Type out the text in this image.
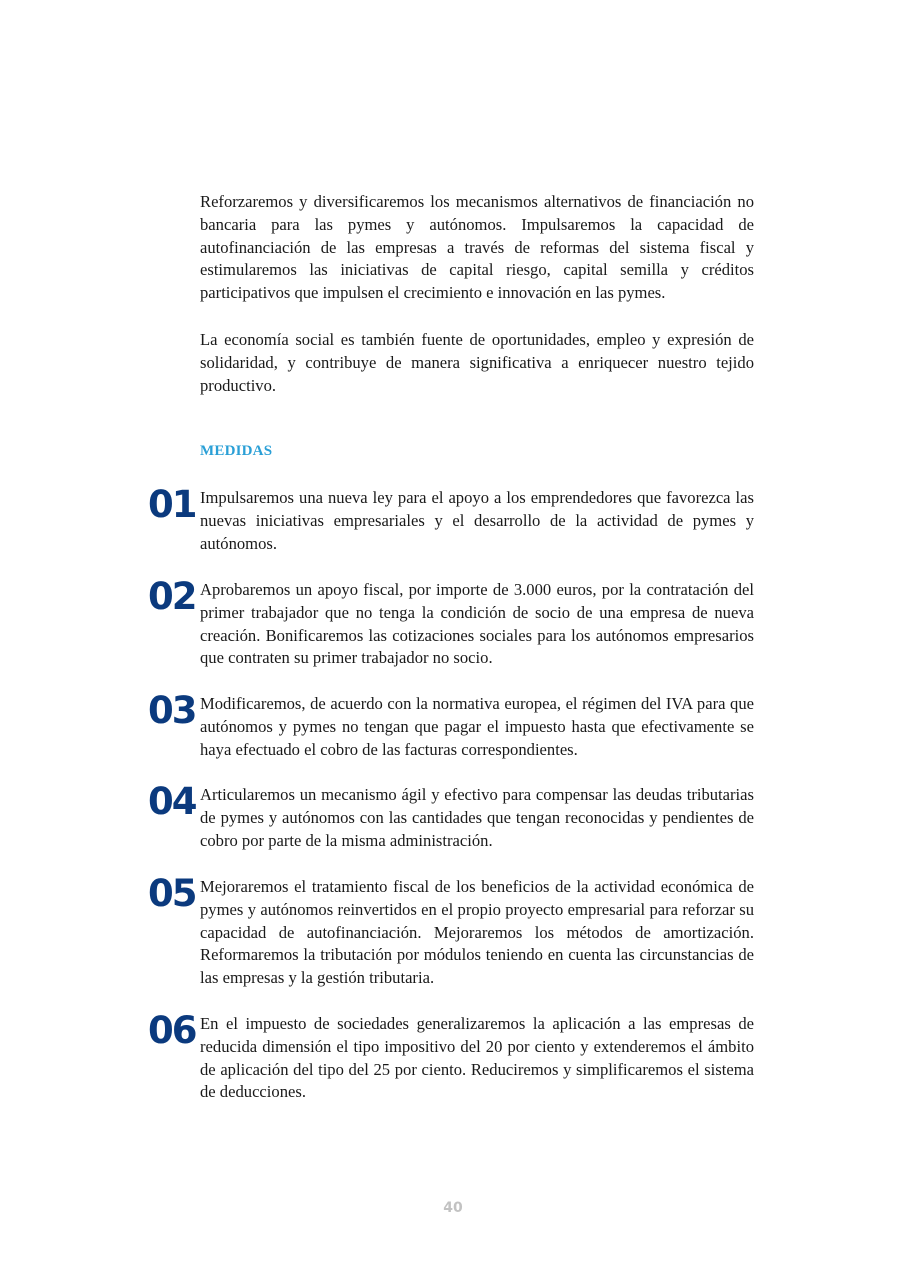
Reforzaremos y diversificaremos los mecanismos alternativos de financiación no bancaria para las pymes y autónomos. Impulsaremos la capacidad de autofinanciación de las empresas a través de reformas del sistema fiscal y estimularemos las iniciativas de capital riesgo, capital semilla y créditos participativos que impulsen el crecimiento e innovación en las pymes.

La economía social es también fuente de oportunidades, empleo y expresión de solidaridad, y contribuye de manera significativa a enriquecer nuestro tejido productivo.

MEDIDAS
01 Impulsaremos una nueva ley para el apoyo a los emprendedores que favorezca las nuevas iniciativas empresariales y el desarrollo de la actividad de pymes y autónomos.

02 Aprobaremos un apoyo fiscal, por importe de 3.000 euros, por la contratación del primer trabajador que no tenga la condición de socio de una empresa de nueva creación. Bonificaremos las cotizaciones sociales para los autónomos empresarios que contraten su primer trabajador no socio.

03 Modificaremos, de acuerdo con la normativa europea, el régimen del IVA para que autónomos y pymes no tengan que pagar el impuesto hasta que efectivamente se haya efectuado el cobro de las facturas correspondientes.

04 Articularemos un mecanismo ágil y efectivo para compensar las deudas tributarias de pymes y autónomos con las cantidades que tengan reconocidas y pendientes de cobro por parte de la misma administración.

05 Mejoraremos el tratamiento fiscal de los beneficios de la actividad económica de pymes y autónomos reinvertidos en el propio proyecto empresarial para reforzar su capacidad de autofinanciación. Mejoraremos los métodos de amortización. Reformaremos la tributación por módulos teniendo en cuenta las circunstancias de las empresas y la gestión tributaria.

06 En el impuesto de sociedades generalizaremos la aplicación a las empresas de reducida dimensión el tipo impositivo del 20 por ciento y extenderemos el ámbito de aplicación del tipo del 25 por ciento. Reduciremos y simplificaremos el sistema de deducciones.

40
